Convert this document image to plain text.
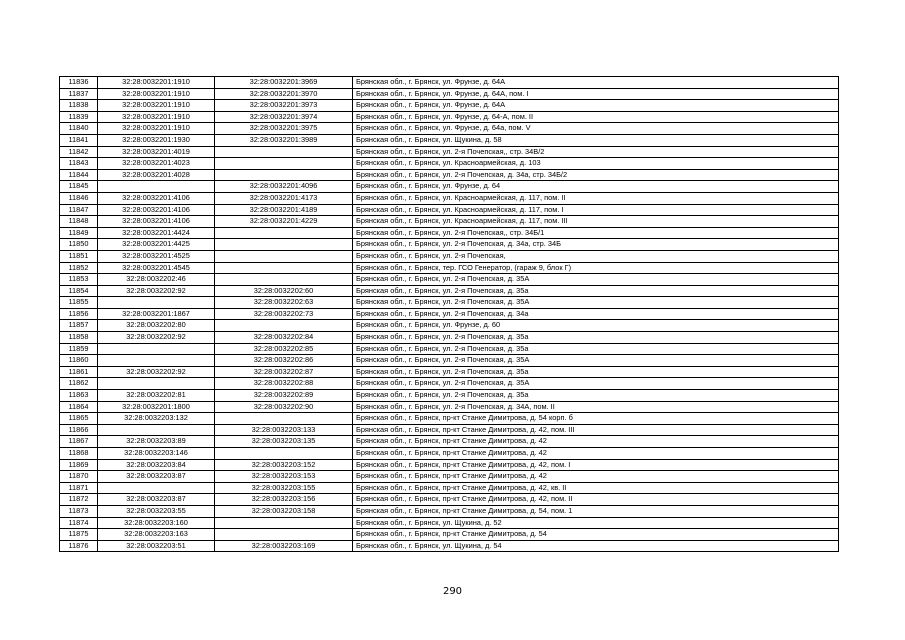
11836	32:28:0032201:1910	32:28:0032201:3969	Брянская обл., г. Брянск, ул. Фрунзе, д. 64А
11837	32:28:0032201:1910	32:28:0032201:3970	Брянская обл., г. Брянск, ул. Фрунзе, д. 64А, пом. I
11838	32:28:0032201:1910	32:28:0032201:3973	Брянская обл., г. Брянск, ул. Фрунзе, д. 64А
11839	32:28:0032201:1910	32:28:0032201:3974	Брянская обл., г. Брянск, ул. Фрунзе, д. 64-А, пом. II
11840	32:28:0032201:1910	32:28:0032201:3975	Брянская обл., г. Брянск, ул. Фрунзе, д. 64а, пом. V
11841	32:28:0032201:1930	32:28:0032201:3989	Брянская обл., г. Брянск, ул. Щукина, д. 58
11842	32:28:0032201:4019		Брянская обл., г. Брянск, ул. 2-я Почепская,, стр. 34В/2
11843	32:28:0032201:4023		Брянская обл., г. Брянск, ул. Красноармейская, д. 103
11844	32:28:0032201:4028		Брянская обл., г. Брянск, ул. 2-я Почепская, д. 34а, стр. 34Б/2
11845		32:28:0032201:4096	Брянская обл., г. Брянск, ул. Фрунзе, д. 64
11846	32:28:0032201:4106	32:28:0032201:4173	Брянская обл., г. Брянск, ул. Красноармейская, д. 117, пом. II
11847	32:28:0032201:4106	32:28:0032201:4189	Брянская обл., г. Брянск, ул. Красноармейская, д. 117, пом. I
11848	32:28:0032201:4106	32:28:0032201:4229	Брянская обл., г. Брянск, ул. Красноармейская, д. 117, пом. III
11849	32:28:0032201:4424		Брянская обл., г. Брянск, ул. 2-я Почепская,, стр. 34Б/1
11850	32:28:0032201:4425		Брянская обл., г. Брянск, ул. 2-я Почепская, д. 34а, стр. 34Б
11851	32:28:0032201:4525		Брянская обл., г. Брянск, ул. 2-я Почепская,
11852	32:28:0032201:4545		Брянская обл., г. Брянск, тер. ГСО Генератор, (гараж 9, блок Г)
11853	32:28:0032202:46		Брянская обл., г. Брянск, ул. 2-я Почепская, д. 35А
11854	32:28:0032202:92	32:28:0032202:60	Брянская обл., г. Брянск, ул. 2-я Почепская, д. 35а
11855		32:28:0032202:63	Брянская обл., г. Брянск, ул. 2-я Почепская, д. 35А
11856	32:28:0032201:1867	32:28:0032202:73	Брянская обл., г. Брянск, ул. 2-я Почепская, д. 34а
11857	32:28:0032202:80		Брянская обл., г. Брянск, ул. Фрунзе, д. 60
11858	32:28:0032202:92	32:28:0032202:84	Брянская обл., г. Брянск, ул. 2-я Почепская, д. 35а
11859		32:28:0032202:85	Брянская обл., г. Брянск, ул. 2-я Почепская, д. 35а
11860		32:28:0032202:86	Брянская обл., г. Брянск, ул. 2-я Почепская, д. 35А
11861	32:28:0032202:92	32:28:0032202:87	Брянская обл., г. Брянск, ул. 2-я Почепская, д. 35а
11862		32:28:0032202:88	Брянская обл., г. Брянск, ул. 2-я Почепская, д. 35А
11863	32:28:0032202:81	32:28:0032202:89	Брянская обл., г. Брянск, ул. 2-я Почепская, д. 35а
11864	32:28:0032201:1800	32:28:0032202:90	Брянская обл., г. Брянск, ул. 2-я Почепская, д. 34А, пом. II
11865	32:28:0032203:132		Брянская обл., г. Брянск, пр-кт Станке Димитрова, д. 54 корп. б
11866		32:28:0032203:133	Брянская обл., г. Брянск, пр-кт Станке Димитрова, д. 42, пом. III
11867	32:28:0032203:89	32:28:0032203:135	Брянская обл., г. Брянск, пр-кт Станке Димитрова, д. 42
11868	32:28:0032203:146		Брянская обл., г. Брянск, пр-кт Станке Димитрова, д. 42
11869	32:28:0032203:84	32:28:0032203:152	Брянская обл., г. Брянск, пр-кт Станке Димитрова, д. 42, пом. I
11870	32:28:0032203:87	32:28:0032203:153	Брянская обл., г. Брянск, пр-кт Станке Димитрова, д. 42
11871		32:28:0032203:155	Брянская обл., г. Брянск, пр-кт Станке Димитрова, д. 42, кв. II
11872	32:28:0032203:87	32:28:0032203:156	Брянская обл., г. Брянск, пр-кт Станке Димитрова, д. 42, пом. II
11873	32:28:0032203:55	32:28:0032203:158	Брянская обл., г. Брянск, пр-кт Станке Димитрова, д. 54, пом. 1
11874	32:28:0032203:160		Брянская обл., г. Брянск, ул. Щукина, д. 52
11875	32:28:0032203:163		Брянская обл., г. Брянск, пр-кт Станке Димитрова, д. 54
11876	32:28:0032203:51	32:28:0032203:169	Брянская обл., г. Брянск, ул. Щукина, д. 54
290
